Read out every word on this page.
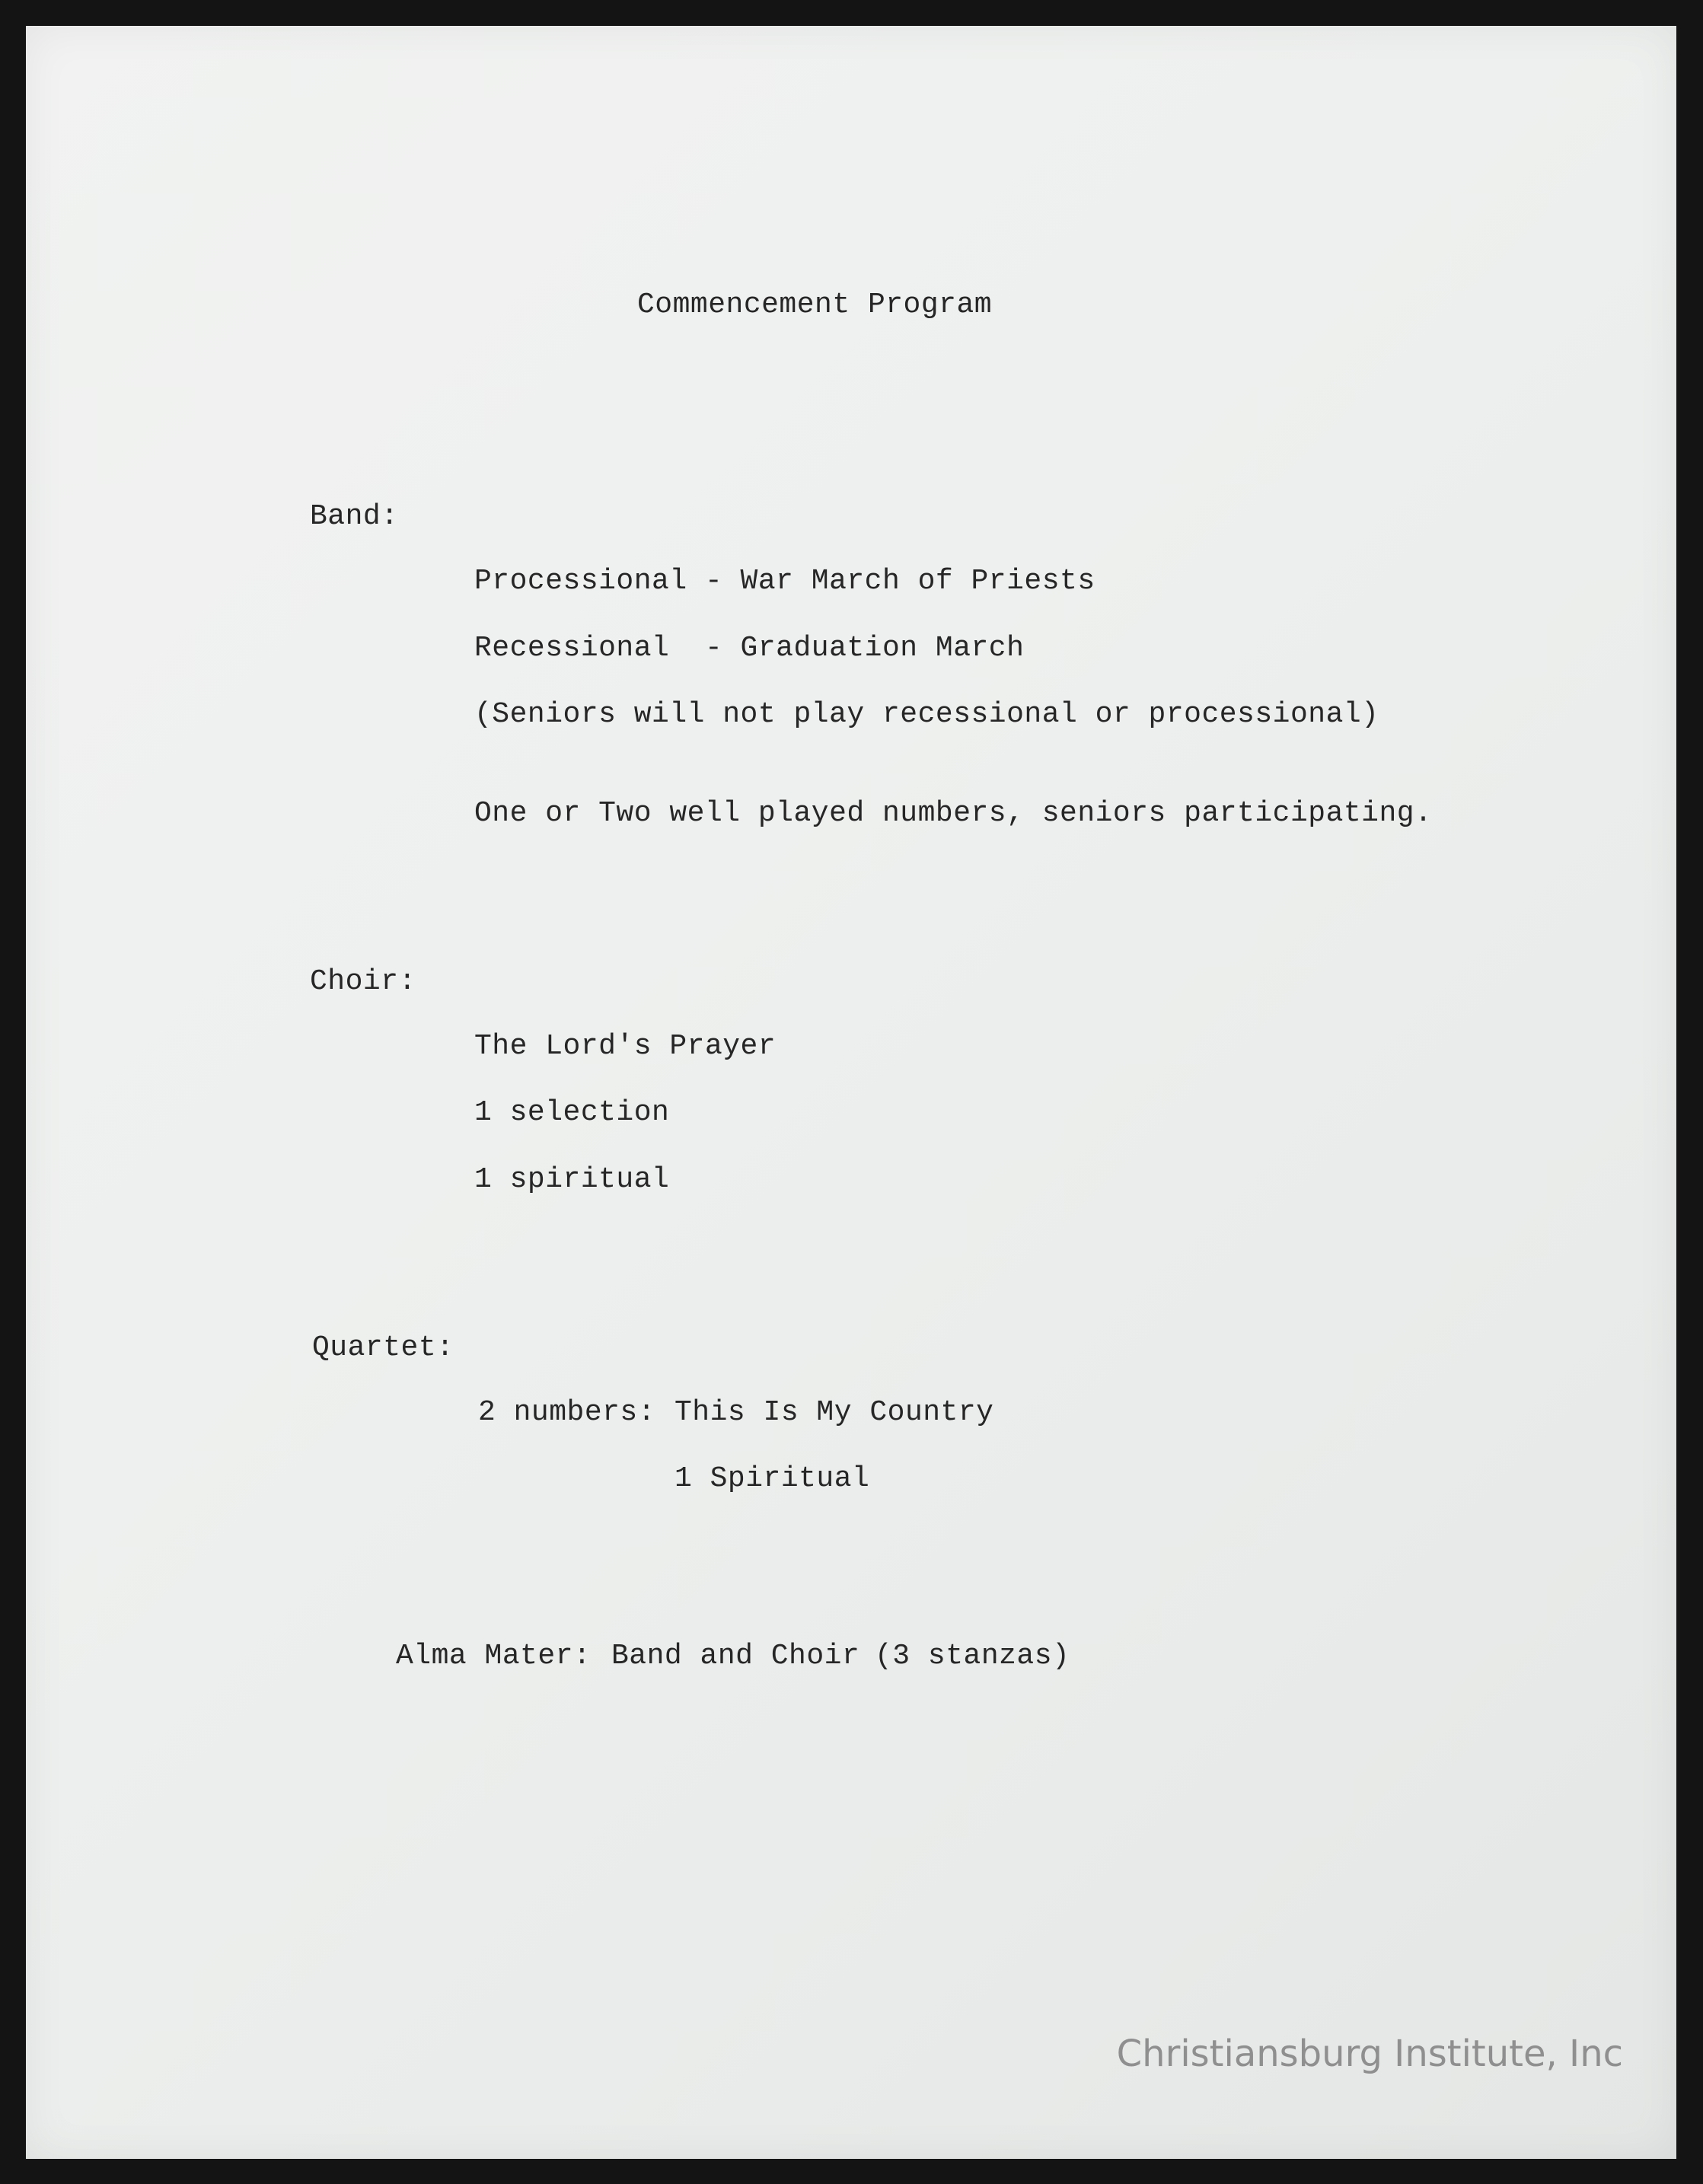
Commencement Program

Band:

Processional - War March of Priests

Recessional  - Graduation March

(Seniors will not play recessional or processional)

One or Two well played numbers, seniors participating.

Choir:

The Lord's Prayer

1 selection

1 spiritual

Quartet:

2 numbers: This Is My Country

1 Spiritual

Alma Mater: Band and Choir (3 stanzas)

Christiansburg Institute, Inc
